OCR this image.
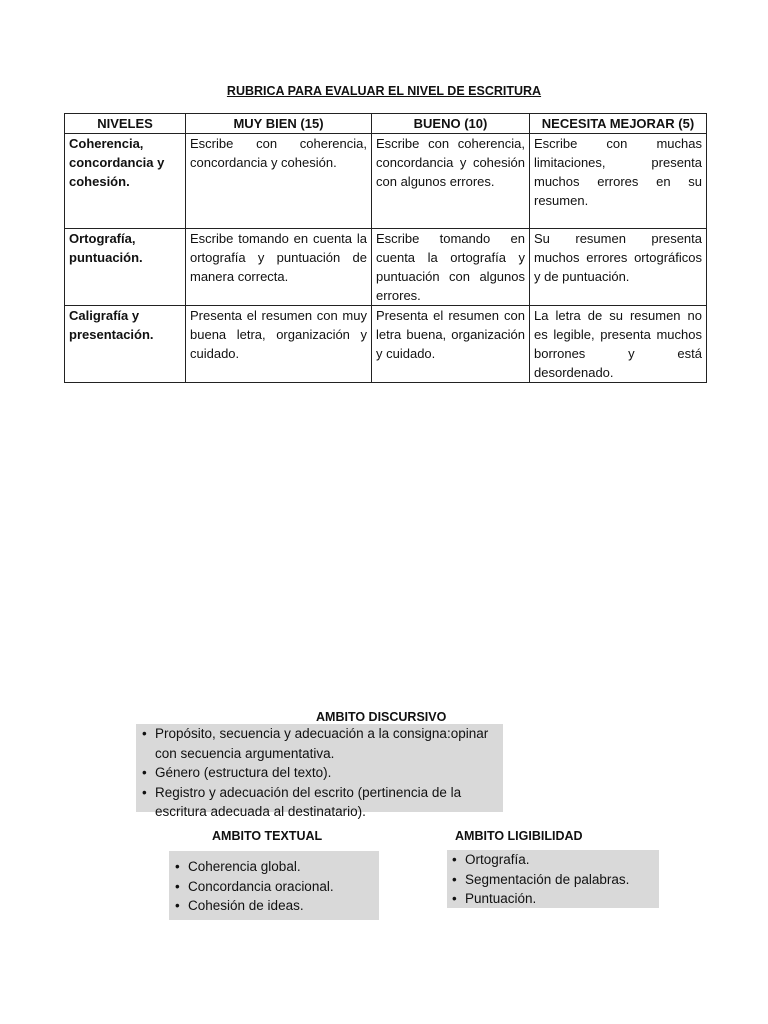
RUBRICA PARA EVALUAR EL NIVEL DE ESCRITURA
NIVELES	MUY BIEN (15)	BUENO (10)	NECESITA MEJORAR (5)
Coherencia, concordancia y cohesión.	Escribe con coherencia, concordancia y cohesión.	Escribe con coherencia, concordancia y cohesión con algunos errores.	Escribe con muchas limitaciones, presenta muchos errores en su resumen.
Ortografía, puntuación.	Escribe tomando en cuenta la ortografía y puntuación de manera correcta.	Escribe tomando en cuenta la ortografía y puntuación con algunos errores.	Su resumen presenta muchos errores ortográficos y de puntuación.
Caligrafía y presentación.	Presenta el resumen con muy buena letra, organización y cuidado.	Presenta el resumen con letra buena, organización y cuidado.	La letra de su resumen no es legible, presenta muchos borrones y está desordenado.
AMBITO DISCURSIVO
• Propósito, secuencia y adecuación a la consigna:opinar con secuencia argumentativa.
• Género (estructura del texto).
• Registro y adecuación del escrito (pertinencia de la escritura adecuada al destinatario).
AMBITO TEXTUAL
• Coherencia global.
• Concordancia oracional.
• Cohesión de ideas.
AMBITO LIGIBILIDAD
• Ortografía.
• Segmentación de palabras.
• Puntuación.
